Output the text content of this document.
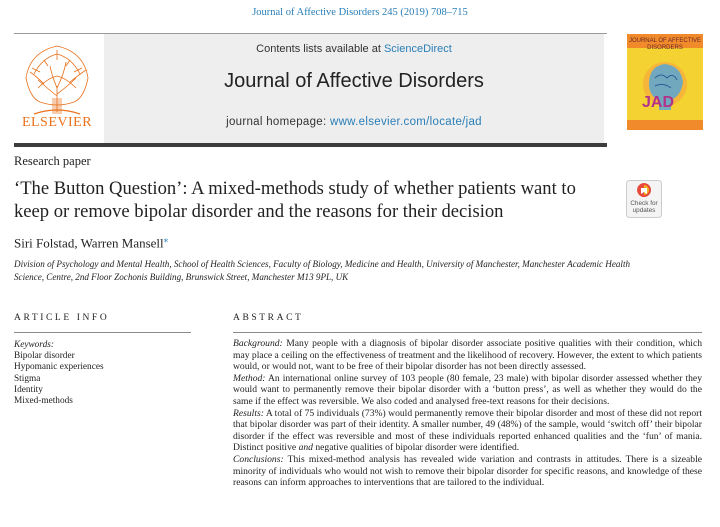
Journal of Affective Disorders 245 (2019) 708–715
ELSEVIER
Contents lists available at ScienceDirect
Journal of Affective Disorders
journal homepage: www.elsevier.com/locate/jad
JOURNAL OF AFFECTIVE DISORDERS
JAD
Research paper
‘The Button Question’: A mixed-methods study of whether patients want to keep or remove bipolar disorder and the reasons for their decision	Check for updates
Siri Folstad, Warren Mansell⁎
Division of Psychology and Mental Health, School of Health Sciences, Faculty of Biology, Medicine and Health, University of Manchester, Manchester Academic Health Science, Centre, 2nd Floor Zochonis Building, Brunswick Street, Manchester M13 9PL, UK
ARTICLE INFO	ABSTRACT
Keywords:
Bipolar disorder
Hypomanic experiences
Stigma
Identity
Mixed-methods

Background: Many people with a diagnosis of bipolar disorder associate positive qualities with their condition, which may place a ceiling on the effectiveness of treatment and the likelihood of recovery. However, the extent to which patients would, or would not, want to be free of their bipolar disorder has not been directly assessed.

Method: An international online survey of 103 people (80 female, 23 male) with bipolar disorder assessed whether they would want to permanently remove their bipolar disorder with a ‘button press’, as well as whether they would do the same if the effect was reversible. We also coded and analysed free-text reasons for their decisions.

Results: A total of 75 individuals (73%) would permanently remove their bipolar disorder and most of these did not report that bipolar disorder was part of their identity. A smaller number, 49 (48%) of the sample, would ‘switch off’ their bipolar disorder if the effect was reversible and most of these individuals reported enhanced qualities and the ‘fun’ of mania. Distinct positive and negative qualities of bipolar disorder were identified.

Conclusions: This mixed-method analysis has revealed wide variation and contrasts in attitudes. There is a sizeable minority of individuals who would not wish to remove their bipolar disorder for specific reasons, and knowledge of these reasons can inform approaches to interventions that are tailored to the individual.
